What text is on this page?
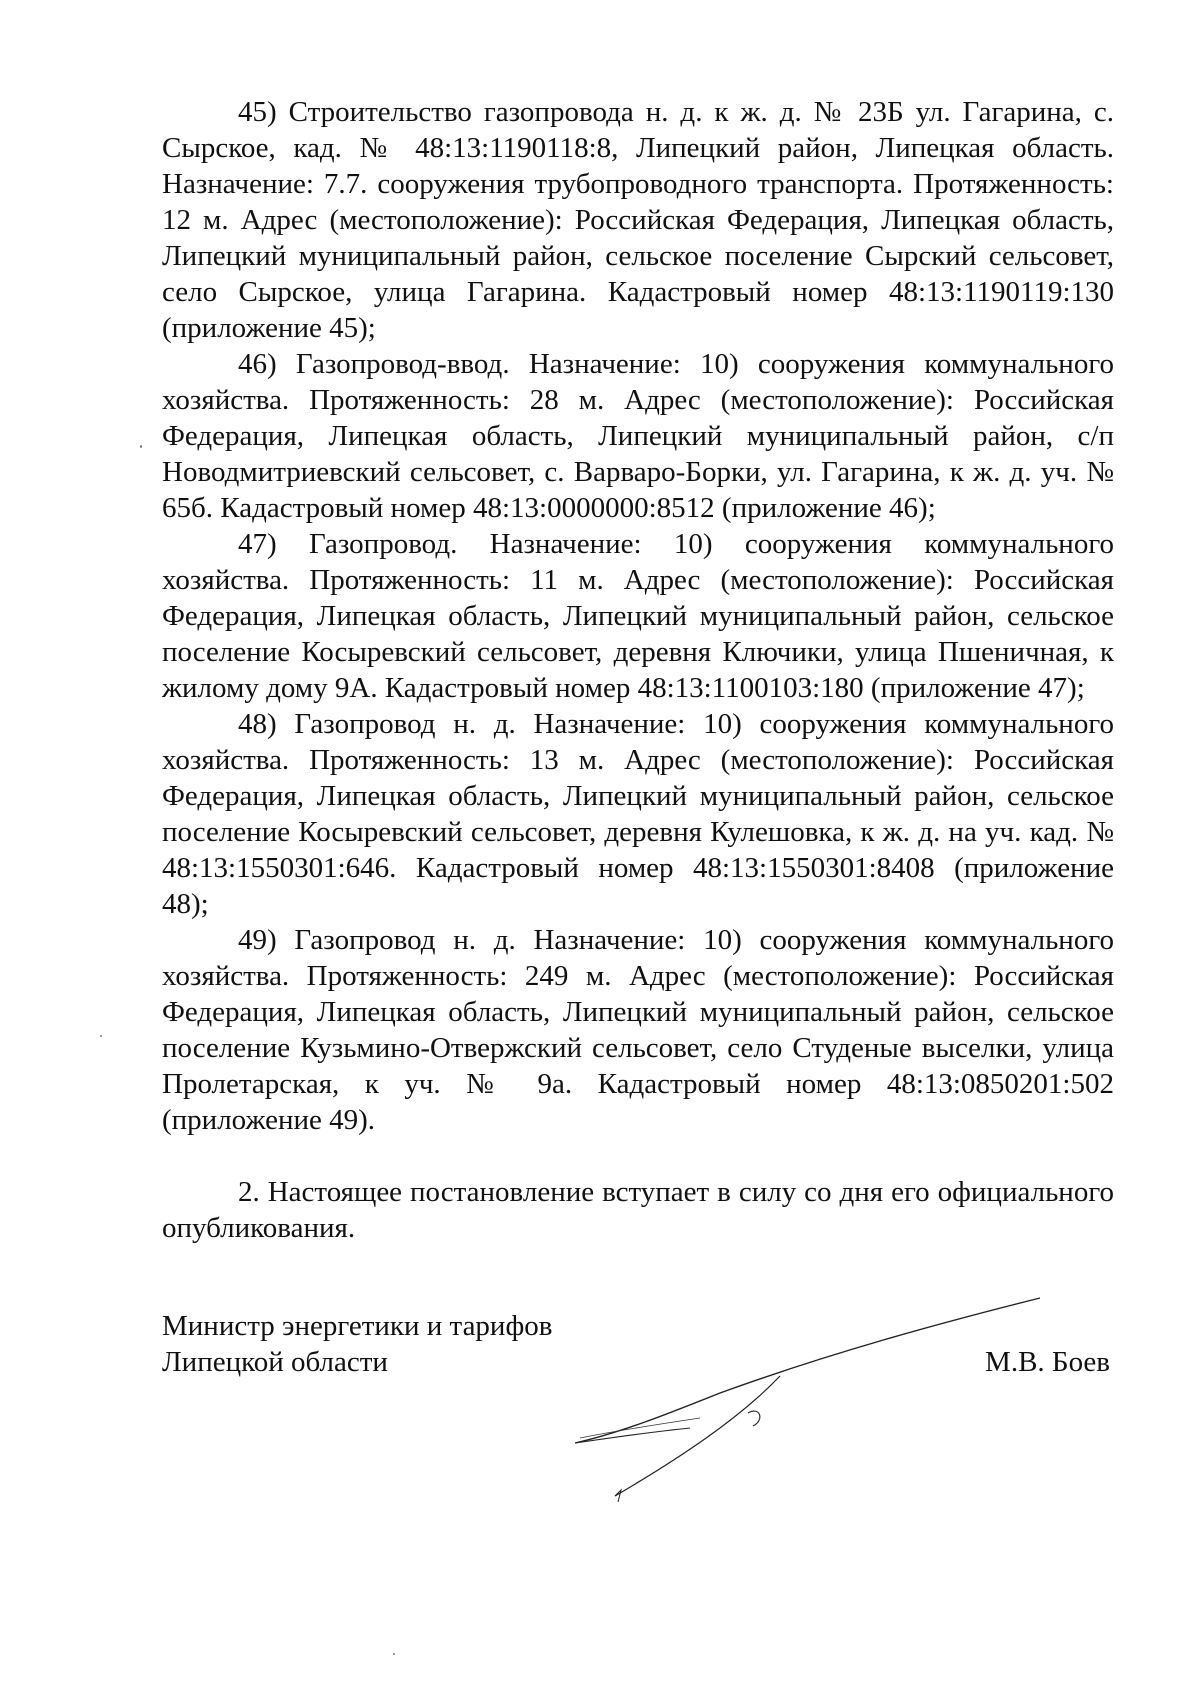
45) Строительство газопровода н. д. к ж. д. № 23Б ул. Гагарина, с. Сырское, кад. № 48:13:1190118:8, Липецкий район, Липецкая область. Назначение: 7.7. сооружения трубопроводного транспорта. Протяженность: 12 м. Адрес (местоположение): Российская Федерация, Липецкая область, Липецкий муниципальный район, сельское поселение Сырский сельсовет, село Сырское, улица Гагарина. Кадастровый номер 48:13:1190119:130 (приложение 45);

46) Газопровод-ввод. Назначение: 10) сооружения коммунального хозяйства. Протяженность: 28 м. Адрес (местоположение): Российская Федерация, Липецкая область, Липецкий муниципальный район, с/п Новодмитриевский сельсовет, с. Варваро-Борки, ул. Гагарина, к ж. д. уч. № 65б. Кадастровый номер 48:13:0000000:8512 (приложение 46);

47) Газопровод. Назначение: 10) сооружения коммунального хозяйства. Протяженность: 11 м. Адрес (местоположение): Российская Федерация, Липецкая область, Липецкий муниципальный район, сельское поселение Косыревский сельсовет, деревня Ключики, улица Пшеничная, к жилому дому 9А. Кадастровый номер 48:13:1100103:180 (приложение 47);

48) Газопровод н. д. Назначение: 10) сооружения коммунального хозяйства. Протяженность: 13 м. Адрес (местоположение): Российская Федерация, Липецкая область, Липецкий муниципальный район, сельское поселение Косыревский сельсовет, деревня Кулешовка, к ж. д. на уч. кад. № 48:13:1550301:646. Кадастровый номер 48:13:1550301:8408 (приложение 48);

49) Газопровод н. д. Назначение: 10) сооружения коммунального хозяйства. Протяженность: 249 м. Адрес (местоположение): Российская Федерация, Липецкая область, Липецкий муниципальный район, сельское поселение Кузьмино-Отвержский сельсовет, село Студеные выселки, улица Пролетарская, к уч. № 9а. Кадастровый номер 48:13:0850201:502 (приложение 49).

2. Настоящее постановление вступает в силу со дня его официального опубликования.

Министр энергетики и тарифов
Липецкой области	М.В. Боев
